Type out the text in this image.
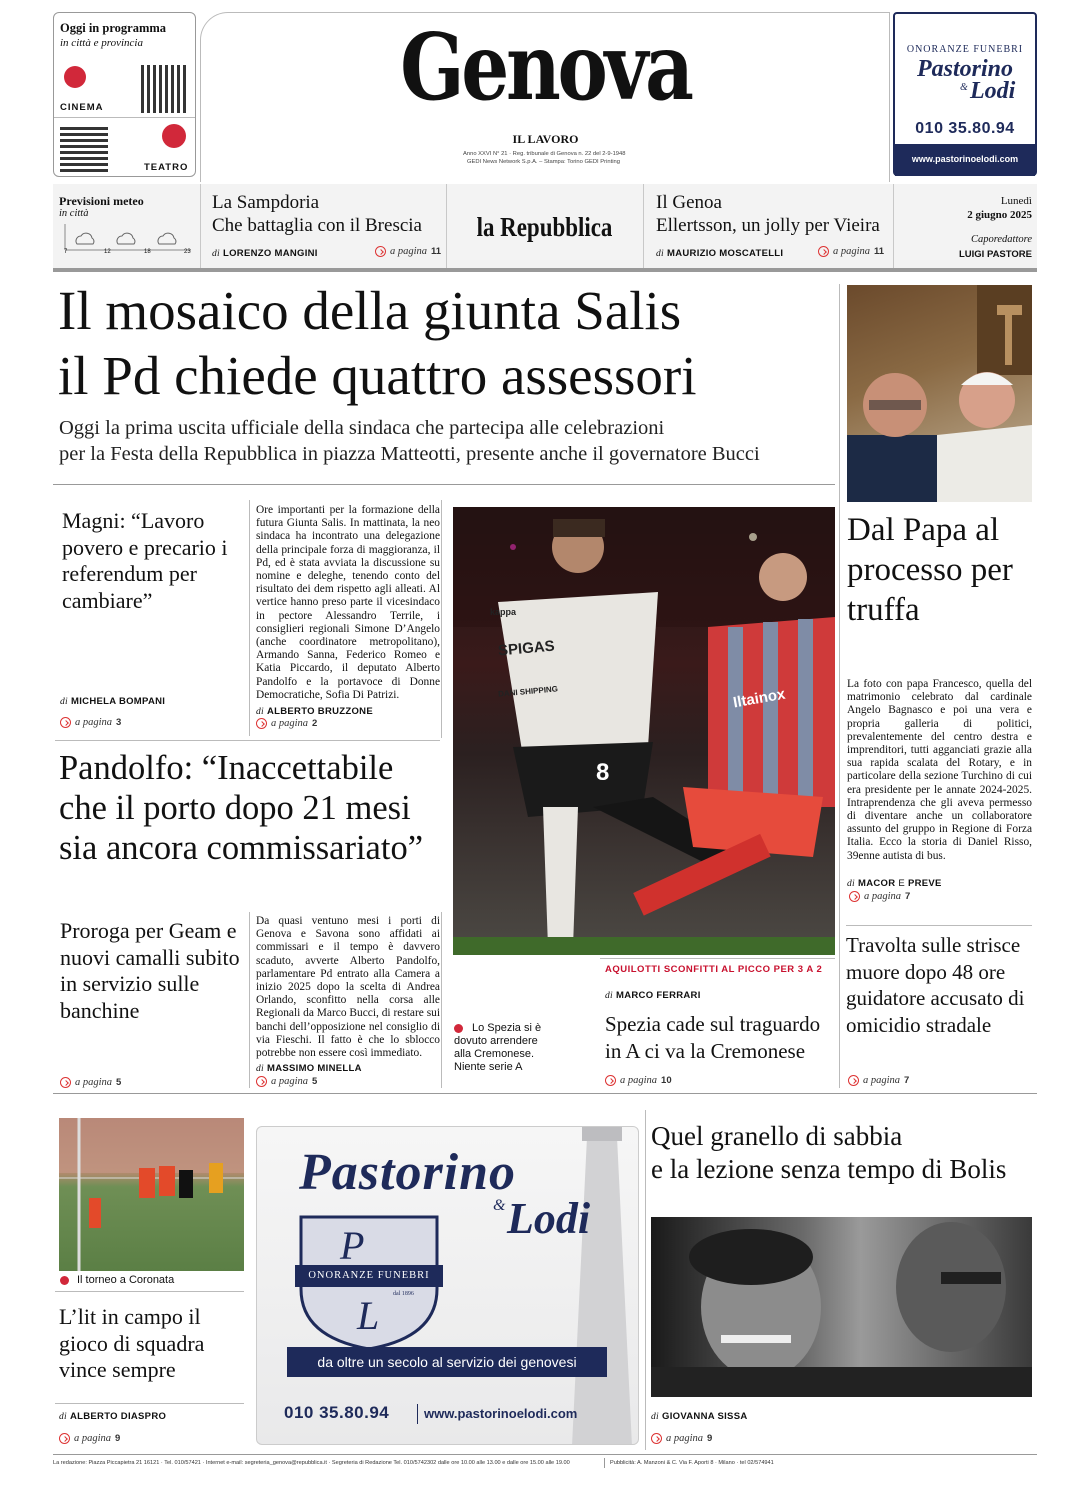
Oggi in programma
in città e provincia
CINEMA
TEATRO
Genova
IL LAVORO
Anno XXVI N° 21 · Reg. tribunale di Genova n. 22 del 2-9-1948
GEDI News Network S.p.A. – Stampa: Torino GEDI Printing
ONORANZE FUNEBRI
Pastorino
& Lodi
010 35.80.94
www.pastorinoelodi.com
Previsioni meteo
in città
7	12	18	23
La Sampdoria
Che battaglia con il Brescia
di LORENZO MANGINI	a pagina 11
la Repubblica
Il Genoa
Ellertsson, un jolly per Vieira
di MAURIZIO MOSCATELLI	a pagina 11
Lunedì
2 giugno 2025
Caporedattore
LUIGI PASTORE
Il mosaico della giunta Salis
il Pd chiede quattro assessori
Oggi la prima uscita ufficiale della sindaca che partecipa alle celebrazioni
per la Festa della Repubblica in piazza Matteotti, presente anche il governatore Bucci
Magni: “Lavoro povero e precario i referendum per cambiare”
di MICHELA BOMPANI
a pagina 3
Ore importanti per la formazione della futura Giunta Salis. In mattinata, la neo sindaca ha incontrato una delegazione della principale forza di maggioranza, il Pd, ed è stata avviata la discussione su nomine e deleghe, tenendo conto del risultato dei dem rispetto agli alleati. Al vertice hanno preso parte il vicesindaco in pectore Alessandro Terrile, i consiglieri regionali Simone D’Angelo (anche coordinatore metropolitano), Armando Sanna, Federico Romeo e Katia Piccardo, il deputato Alberto Pandolfo e la portavoce di Donne Democratiche, Sofia Di Patrizi.
di ALBERTO BRUZZONE
a pagina 2
Pandolfo: “Inaccettabile che il porto dopo 21 mesi sia ancora commissariato”
Proroga per Geam e nuovi camalli subito in servizio sulle banchine
a pagina 5
Da quasi ventuno mesi i porti di Genova e Savona sono affidati ai commissari e il tempo è davvero scaduto, avverte Alberto Pandolfo, parlamentare Pd entrato alla Camera a inizio 2025 dopo la scelta di Andrea Orlando, sconfitto nella corsa alle Regionali da Marco Bucci, di restare sui banchi dell’opposizione nel consiglio di via Fieschi. Il fatto è che lo sblocco potrebbe non essere così immediato.
di MASSIMO MINELLA
a pagina 5
SPIGAS
DANI SHIPPING
8
kappa
Iltainox
AQUILOTTI SCONFITTI AL PICCO PER 3 A 2
di MARCO FERRARI
Spezia cade sul traguardo in A ci va la Cremonese
a pagina 10
Lo Spezia si è dovuto arrendere alla Cremonese. Niente serie A
Dal Papa al processo per truffa
La foto con papa Francesco, quella del matrimonio celebrato dal cardinale Angelo Bagnasco e poi una vera e propria galleria di politici, prevalentemente del centro destra e imprenditori, tutti agganciati grazie alla sua rapida scalata del Rotary, e in particolare della sezione Turchino di cui era presidente per le annate 2024-2025. Intraprendenza che gli aveva permesso di diventare anche un collaboratore assunto del gruppo in Regione di Forza Italia. Ecco la storia di Daniel Risso, 39enne autista di bus.
di MACOR E PREVE
a pagina 7
Travolta sulle strisce muore dopo 48 ore guidatore accusato di omicidio stradale
a pagina 7
Il torneo a Coronata
L’lit in campo il gioco di squadra vince sempre
di ALBERTO DIASPRO
a pagina 9
Pastorino
& Lodi
P
L
ONORANZE FUNEBRI
dal 1896
da oltre un secolo al servizio dei genovesi
010 35.80.94	www.pastorinoelodi.com
Quel granello di sabbia
e la lezione senza tempo di Bolis
di GIOVANNA SISSA
a pagina 9
La redazione: Piazza Piccapietra 21 16121 · Tel. 010/57421 · Internet e-mail: segreteria_genova@repubblica.it · Segreteria di Redazione Tel. 010/5742302 dalle ore 10.00 alle 13.00 e dalle ore 15.00 alle 19.00	Pubblicità: A. Manzoni & C. Via F. Aporti 8 · Milano · tel 02/574941
